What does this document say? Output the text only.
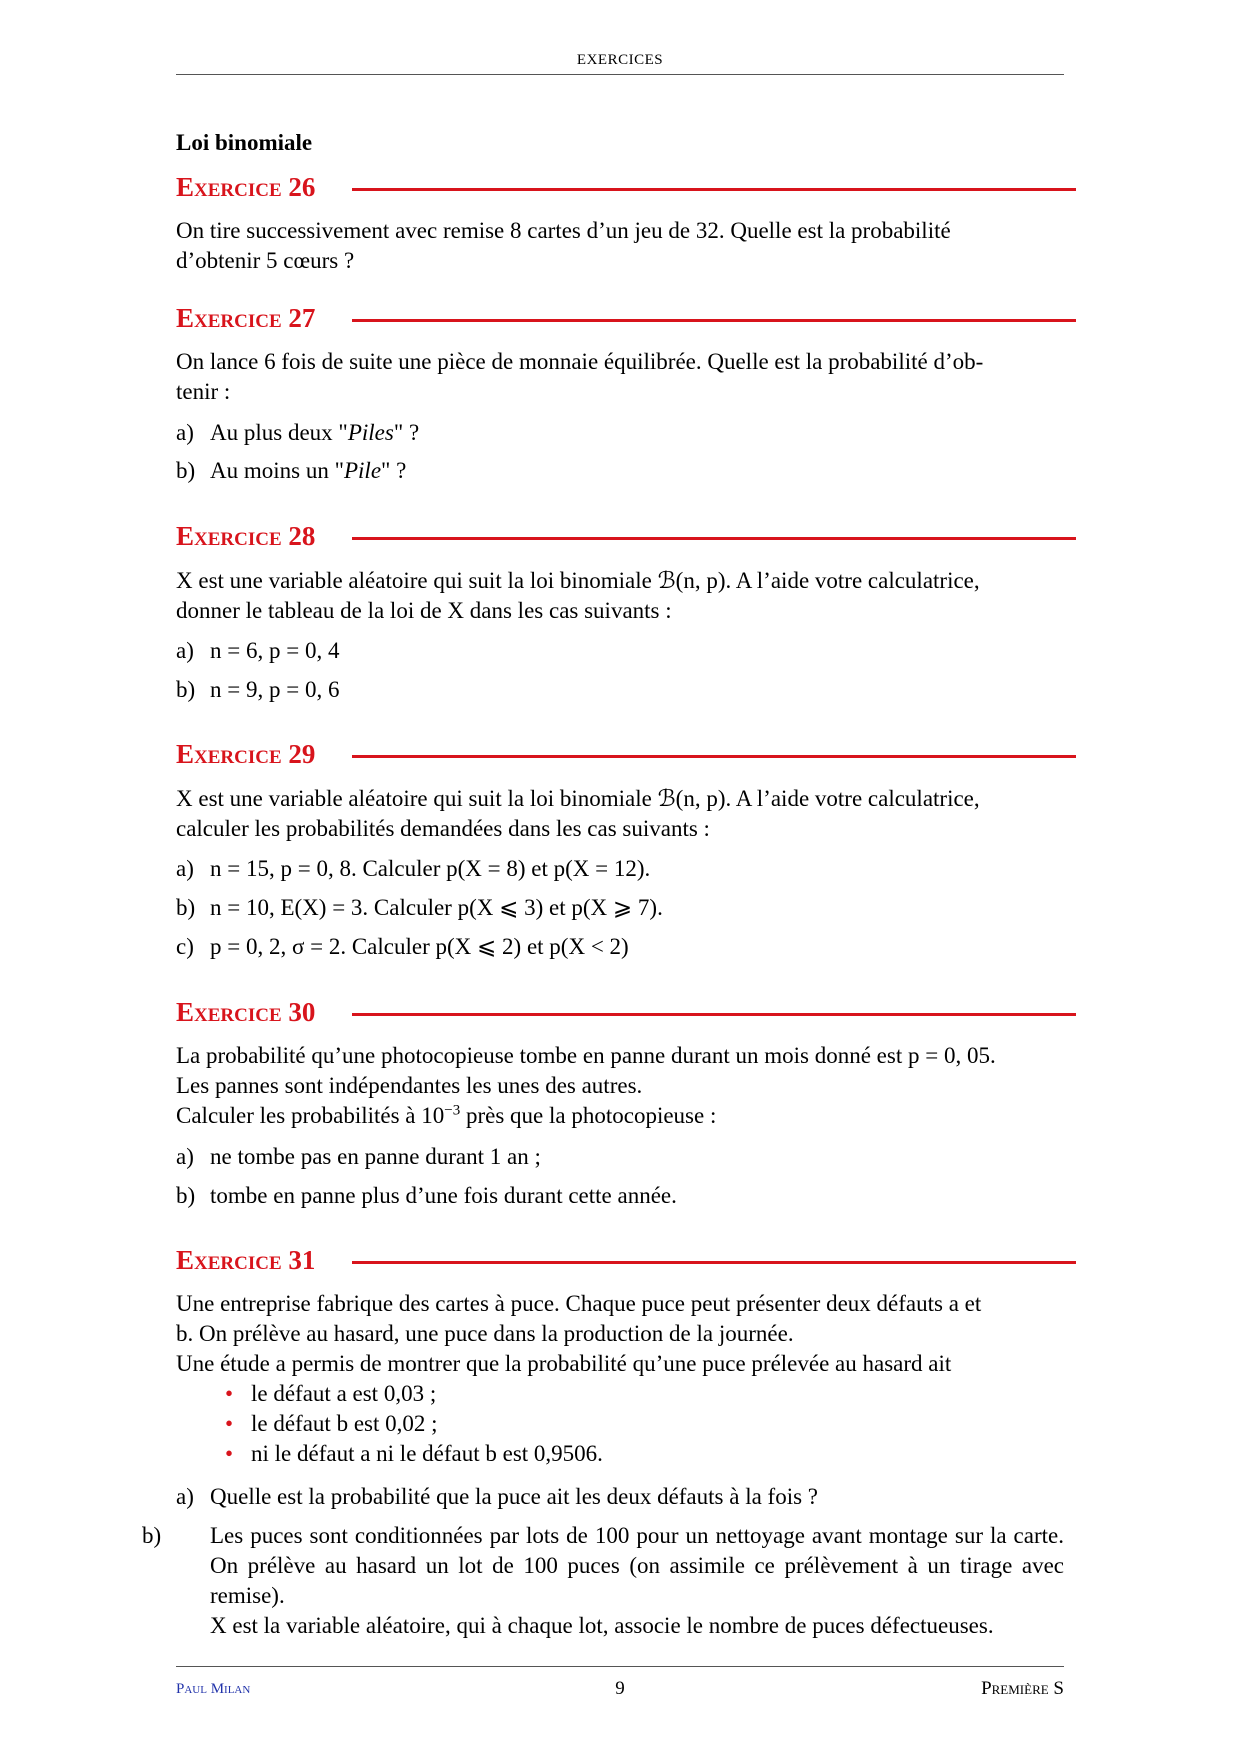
EXERCICES
Loi binomiale
Exercice 26
On tire successivement avec remise 8 cartes d’un jeu de 32. Quelle est la probabilité
d’obtenir 5 cœurs ?
Exercice 27
On lance 6 fois de suite une pièce de monnaie équilibrée. Quelle est la probabilité d’ob-
tenir :
a) Au plus deux "Piles" ?
b) Au moins un "Pile" ?
Exercice 28
X est une variable aléatoire qui suit la loi binomiale ℬ(n, p). A l’aide votre calculatrice,
donner le tableau de la loi de X dans les cas suivants :
a) n = 6, p = 0, 4
b) n = 9, p = 0, 6
Exercice 29
X est une variable aléatoire qui suit la loi binomiale ℬ(n, p). A l’aide votre calculatrice,
calculer les probabilités demandées dans les cas suivants :
a) n = 15, p = 0, 8. Calculer p(X = 8) et p(X = 12).
b) n = 10, E(X) = 3. Calculer p(X ⩽ 3) et p(X ⩾ 7).
c) p = 0, 2, σ = 2. Calculer p(X ⩽ 2) et p(X < 2)
Exercice 30
La probabilité qu’une photocopieuse tombe en panne durant un mois donné est p = 0, 05.
Les pannes sont indépendantes les unes des autres.
Calculer les probabilités à $10^{-3}$ près que la photocopieuse :
a) ne tombe pas en panne durant 1 an ;
b) tombe en panne plus d’une fois durant cette année.
Exercice 31
Une entreprise fabrique des cartes à puce. Chaque puce peut présenter deux défauts a et
b. On prélève au hasard, une puce dans la production de la journée.
Une étude a permis de montrer que la probabilité qu’une puce prélevée au hasard ait
• le défaut a est 0,03 ;
• le défaut b est 0,02 ;
• ni le défaut a ni le défaut b est 0,9506.
a) Quelle est la probabilité que la puce ait les deux défauts à la fois ?
b) Les puces sont conditionnées par lots de 100 pour un nettoyage avant montage sur la carte. On prélève au hasard un lot de 100 puces (on assimile ce prélèvement à un tirage avec remise).
X est la variable aléatoire, qui à chaque lot, associe le nombre de puces défectueuses.
Paul Milan	9	Première S
